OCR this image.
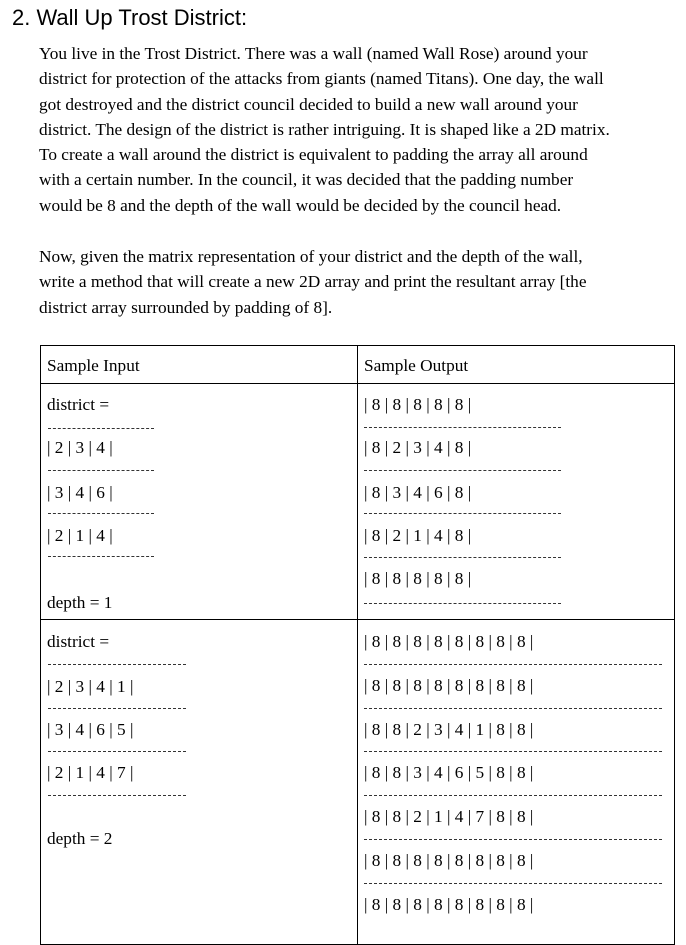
2. Wall Up Trost District:

You live in the Trost District. There was a wall (named Wall Rose) around your
district for protection of the attacks from giants (named Titans). One day, the wall
got destroyed and the district council decided to build a new wall around your
district. The design of the district is rather intriguing. It is shaped like a 2D matrix.
To create a wall around the district is equivalent to padding the array all around
with a certain number. In the council, it was decided that the padding number
would be 8 and the depth of the wall would be decided by the council head.

Now, given the matrix representation of your district and the depth of the wall,
write a method that will create a new 2D array and print the resultant array [the
district array surrounded by padding of 8].

Sample Input	Sample Output
district =
| 2 | 3 | 4 |
| 3 | 4 | 6 |
| 2 | 1 | 4 |
depth = 1
| 8 | 8 | 8 | 8 | 8 |
| 8 | 2 | 3 | 4 | 8 |
| 8 | 3 | 4 | 6 | 8 |
| 8 | 2 | 1 | 4 | 8 |
| 8 | 8 | 8 | 8 | 8 |
district =
| 2 | 3 | 4 | 1 |
| 3 | 4 | 6 | 5 |
| 2 | 1 | 4 | 7 |
depth = 2
| 8 | 8 | 8 | 8 | 8 | 8 | 8 | 8 |
| 8 | 8 | 8 | 8 | 8 | 8 | 8 | 8 |
| 8 | 8 | 2 | 3 | 4 | 1 | 8 | 8 |
| 8 | 8 | 3 | 4 | 6 | 5 | 8 | 8 |
| 8 | 8 | 2 | 1 | 4 | 7 | 8 | 8 |
| 8 | 8 | 8 | 8 | 8 | 8 | 8 | 8 |
| 8 | 8 | 8 | 8 | 8 | 8 | 8 | 8 |
